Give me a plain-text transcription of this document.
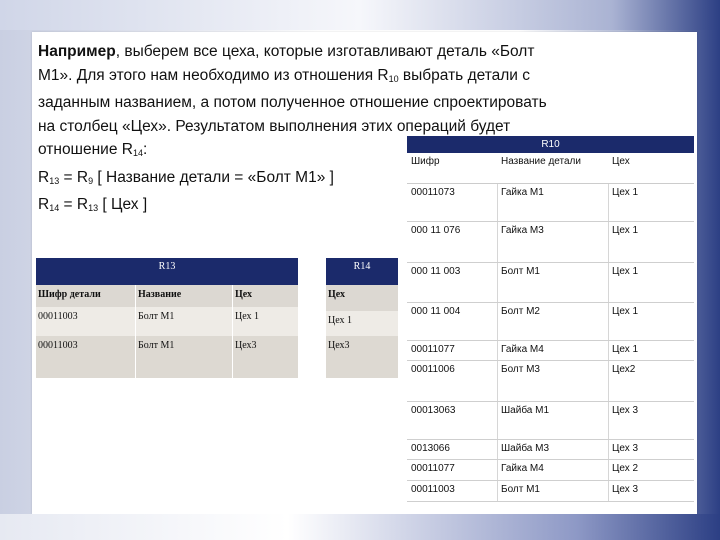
Например, выберем все цеха, которые изготавливают деталь «Болт
М1». Для этого нам необходимо из отношения $R_{10}$ выбрать детали с
заданным названием, а потом полученное отношение спроектировать
на столбец «Цех». Результатом выполнения этих операций будет
отношение $R_{14}$:
$R_{13} = R_9$ [ Название детали = «Болт М1» ]
$R_{14} = R_{13}$ [ Цех ]
R10
Шифр	Название детали	Цех
00011073	Гайка М1	Цех 1
000 11 076	Гайка М3	Цех 1
000 11 003	Болт М1	Цех 1
000 11 004	Болт М2	Цех 1
00011077	Гайка М4	Цех 1
00011006	Болт М3	Цех2
00013063	Шайба М1	Цех 3
0013066	Шайба М3	Цех 3
00011077	Гайка М4	Цех 2
00011003	Болт М1	Цех 3
R13
Шифр детали	Название	Цех
00011003	Болт М1	Цех 1
00011003	Болт М1	Цех3
R14
Цех
Цех 1
Цех3
